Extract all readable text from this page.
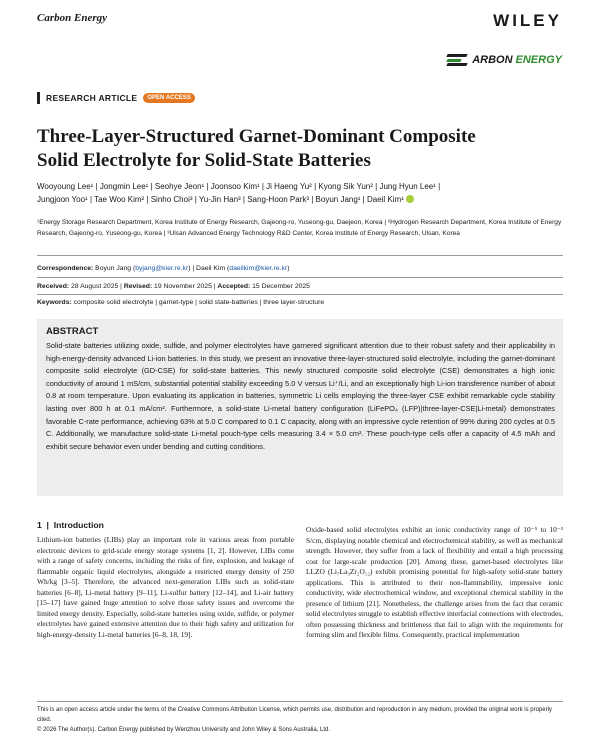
Carbon Energy	WILEY
ARBON ENERGY
RESEARCH ARTICLE	OPEN ACCESS
Three-Layer-Structured Garnet-Dominant Composite
Solid Electrolyte for Solid-State Batteries
Wooyoung Lee¹ | Jongmin Lee¹ | Seohye Jeon¹ | Joonsoo Kim¹ | Ji Haeng Yu² | Kyong Sik Yun² | Jung Hyun Lee¹ |
Jungjoon Yoo¹ | Tae Woo Kim² | Sinho Choi³ | Yu-Jin Han³ | Sang-Hoon Park³ | Boyun Jang¹ | Daeil Kim¹
¹Energy Storage Research Department, Korea Institute of Energy Research, Gajeong-ro, Yuseong-gu, Daejeon, Korea | ²Hydrogen Research Department, Korea Institute of Energy Research, Gajeong-ro, Yuseong-gu, Korea | ³Ulsan Advanced Energy Technology R&D Center, Korea Institute of Energy Research, Ulsan, Korea
Correspondence: Boyun Jang (byjang@kier.re.kr) | Daeil Kim (daeilkim@kier.re.kr)
Received: 28 August 2025 | Revised: 19 November 2025 | Accepted: 15 December 2025
Keywords: composite solid electrolyte | garnet-type | solid state-batteries | three layer-structure
ABSTRACT
Solid-state batteries utilizing oxide, sulfide, and polymer electrolytes have garnered significant attention due to their robust safety and their applicability in high-energy-density advanced Li-ion batteries. In this study, we present an innovative three-layer-structured solid electrolyte, including the garnet-dominant composite solid electrolyte (GD-CSE) for solid-state batteries. This newly structured composite solid electrolyte (CSE) demonstrates a high ionic conductivity of around 1 mS/cm, substantial potential stability exceeding 5.0 V versus Li⁺/Li, and an exceptionally high Li-ion transference number of about 0.8 at room temperature. Upon evaluating its application in batteries, symmetric Li cells employing the three-layer CSE exhibit remarkable cycle stability lasting over 800 h at 0.1 mA/cm². Furthermore, a solid-state Li-metal battery configuration (LiFePO₄ (LFP)|three-layer-CSE|Li-metal) demonstrates favorable C-rate performance, achieving 63% at 5.0 C compared to 0.1 C capacity, along with an impressive cycle retention of 99% during 200 cycles at 0.5 C. Additionally, we manufacture solid-state Li-metal pouch-type cells measuring 3.4 × 5.0 cm². These pouch-type cells offer a capacity of 4.5 mAh and exhibit secure behavior even under bending and cutting conditions.
1  |  Introduction
Lithium-ion batteries (LIBs) play an important role in various areas from portable electronic devices to grid-scale energy storage systems [1, 2]. However, LIBs come with a range of safety concerns, including the risks of fire, explosion, and leakage of flammable organic liquid electrolytes, alongside a restricted energy density of 250 Wh/kg [3–5]. Therefore, the advanced next-generation LIBs such as solid-state batteries [6–8], Li-metal battery [9–11], Li-sulfur battery [12–14], and Li-air battery [15–17] have gained huge attention to solve those safety issues and overcome the limited energy density. Especially, solid-state batteries using oxide, sulfide, or polymer electrolytes have gained extensive attention due to their high safety and utilization for high-energy-density Li-metal batteries [6–8, 18, 19].
Oxide-based solid electrolytes exhibit an ionic conductivity range of 10⁻⁵ to 10⁻³ S/cm, displaying notable chemical and electrochemical stability, as well as mechanical strength. However, they suffer from a lack of flexibility and entail a high processing cost for large-scale production [20]. Among these, garnet-based electrolytes like LLZO (Li₇La₃Zr₂O₁₂) exhibit promising potential for high-safety solid-state battery applications. This is attributed to their non-flammability, impressive ionic conductivity, wide electrochemical window, and exceptional chemical stability in the presence of lithium [21]. Nonetheless, the challenge arises from the fact that ceramic solid electrolytes struggle to establish effective interfacial connections with electrodes, often possessing thickness and brittleness that fail to align with the requirements for forming slim and flexible films. Consequently, practical implementation
This is an open access article under the terms of the Creative Commons Attribution License, which permits use, distribution and reproduction in any medium, provided the original work is properly cited.
© 2026 The Author(s). Carbon Energy published by Wenzhou University and John Wiley & Sons Australia, Ltd.
